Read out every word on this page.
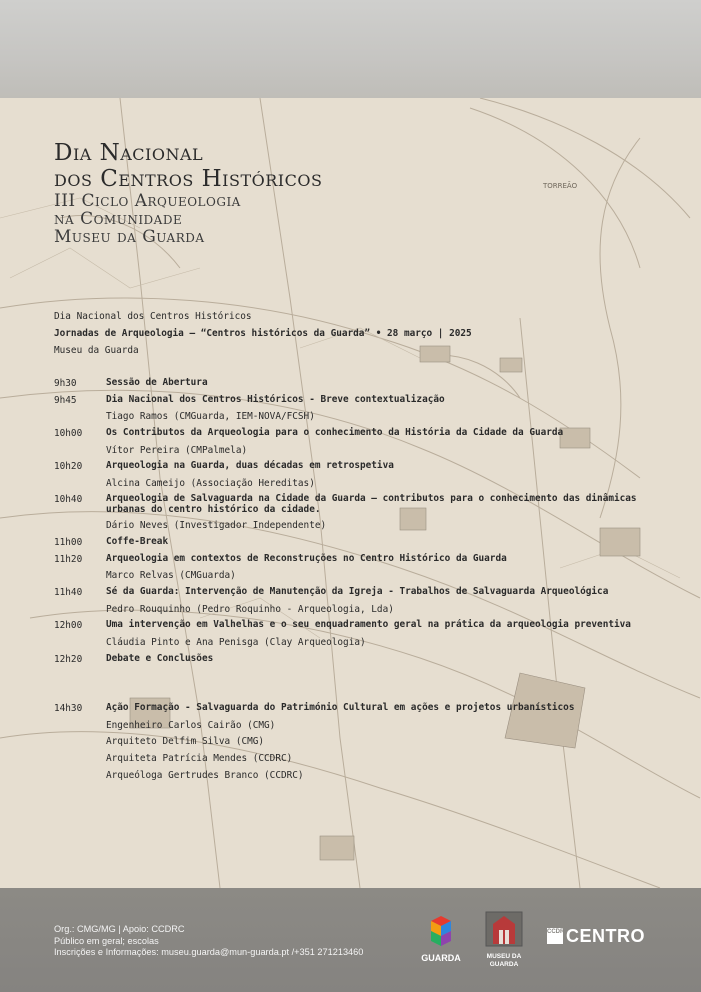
TORREÃO
Dia Nacional
dos Centros Históricos
III Ciclo Arqueologia
na Comunidade
Museu da Guarda
Dia Nacional dos Centros Históricos
Jornadas de Arqueologia – “Centros históricos da Guarda” • 28 março | 2025
Museu da Guarda
9h30	Sessão de Abertura
9h45	Dia Nacional dos Centros Históricos - Breve contextualização
Tiago Ramos (CMGuarda, IEM-NOVA/FCSH)
10h00	Os Contributos da Arqueologia para o conhecimento da História da Cidade da Guarda
Vítor Pereira (CMPalmela)
10h20	Arqueologia na Guarda, duas décadas em retrospetiva
Alcina Cameijo (Associação Hereditas)
10h40	Arqueologia de Salvaguarda na Cidade da Guarda – contributos para o conhecimento das dinâmicas urbanas do centro histórico da cidade.
Dário Neves (Investigador Independente)
11h00	Coffe-Break
11h20	Arqueologia em contextos de Reconstruções no Centro Histórico da Guarda
Marco Relvas (CMGuarda)
11h40	Sé da Guarda: Intervenção de Manutenção da Igreja - Trabalhos de Salvaguarda Arqueológica
Pedro Rouquinho (Pedro Roquinho - Arqueologia, Lda)
12h00	Uma intervenção em Valhelhas e o seu enquadramento geral na prática da arqueologia preventiva
Cláudia Pinto e Ana Penisga (Clay Arqueologia)
12h20	Debate e Conclusões
14h30	Ação Formação - Salvaguarda do Património Cultural em ações e projetos urbanísticos
Engenheiro Carlos Cairão (CMG)
Arquiteto Delfim Silva (CMG)
Arquiteta Patrícia Mendes (CCDRC)
Arqueóloga Gertrudes Branco (CCDRC)
Org.: CMG/MG | Apoio: CCDRC
Público em geral; escolas
Inscrições e Informações: museu.guarda@mun-guarda.pt /+351 271213460
GUARDA	MUSEU DA
GUARDA
CCDR CENTRO
